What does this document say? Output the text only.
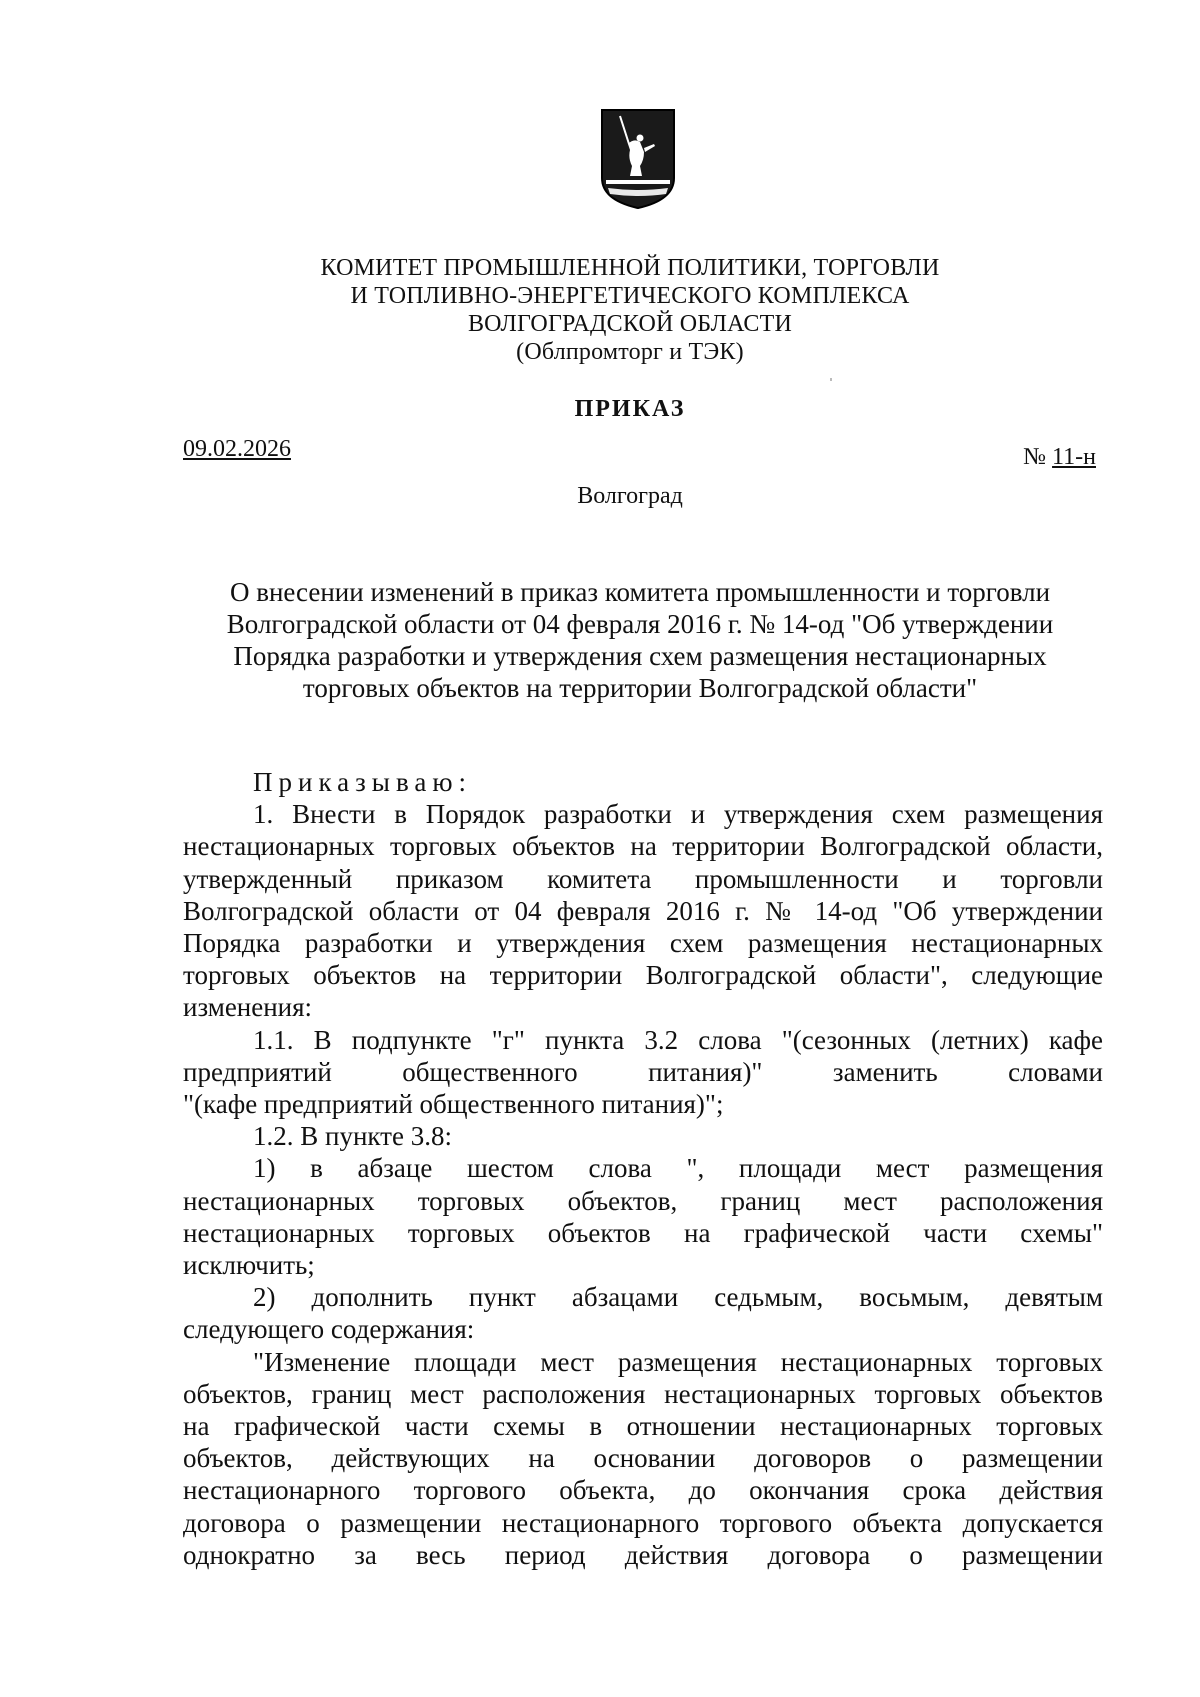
КОМИТЕТ ПРОМЫШЛЕННОЙ ПОЛИТИКИ, ТОРГОВЛИ
И ТОПЛИВНО-ЭНЕРГЕТИЧЕСКОГО КОМПЛЕКСА
ВОЛГОГРАДСКОЙ ОБЛАСТИ
(Облпромторг и ТЭК)
ПРИКАЗ
09.02.2026	№ 11-н
Волгоград
О внесении изменений в приказ комитета промышленности и торговли
Волгоградской области от 04 февраля 2016 г. № 14-од "Об утверждении
Порядка разработки и утверждения схем размещения нестационарных
торговых объектов на территории Волгоградской области"
Приказываю:
1. Внести в Порядок разработки и утверждения схем размещения
нестационарных торговых объектов на территории Волгоградской области,
утвержденный приказом комитета промышленности и торговли
Волгоградской области от 04 февраля 2016 г. № 14-од "Об утверждении
Порядка разработки и утверждения схем размещения нестационарных
торговых объектов на территории Волгоградской области", следующие
изменения:
1.1. В подпункте "г" пункта 3.2 слова "(сезонных (летних) кафе
предприятий общественного питания)" заменить словами
"(кафе предприятий общественного питания)";
1.2. В пункте 3.8:
1) в абзаце шестом слова ", площади мест размещения
нестационарных торговых объектов, границ мест расположения
нестационарных торговых объектов на графической части схемы"
исключить;
2) дополнить пункт абзацами седьмым, восьмым, девятым
следующего содержания:
"Изменение площади мест размещения нестационарных торговых
объектов, границ мест расположения нестационарных торговых объектов
на графической части схемы в отношении нестационарных торговых
объектов, действующих на основании договоров о размещении
нестационарного торгового объекта, до окончания срока действия
договора о размещении нестационарного торгового объекта допускается
однократно за весь период действия договора о размещении
